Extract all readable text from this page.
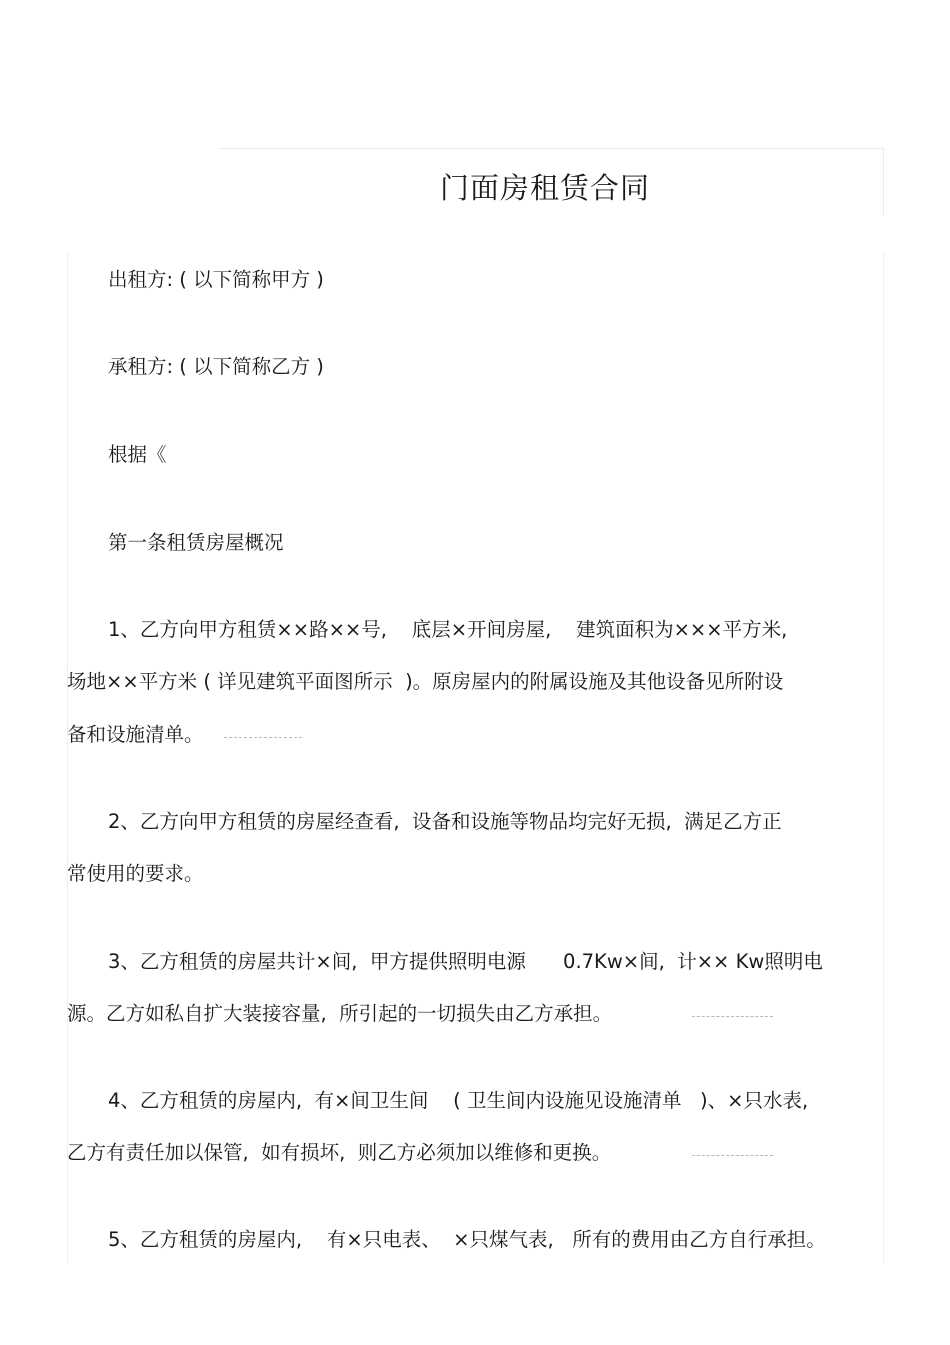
门面房租赁合同
出租方: ( 以下简称甲方 )
承租方: ( 以下简称乙方 )
根据《
第一条租赁房屋概况
1、乙方向甲方租赁××路××号,    底层×开间房屋,    建筑面积为×××平方米,
场地××平方米 ( 详见建筑平面图所示  )。原房屋内的附属设施及其他设备见所附设
备和设施清单。
2、乙方向甲方租赁的房屋经查看,  设备和设施等物品均完好无损,  满足乙方正
常使用的要求。
3、乙方租赁的房屋共计×间,  甲方提供照明电源      0.7Kw×间,  计×× Kw照明电
源。乙方如私自扩大装接容量,  所引起的一切损失由乙方承担。
4、乙方租赁的房屋内,  有×间卫生间    ( 卫生间内设施见设施清单   )、×只水表,
乙方有责任加以保管,  如有损坏,  则乙方必须加以维修和更换。
5、乙方租赁的房屋内,    有×只电表、  ×只煤气表,   所有的费用由乙方自行承担。
